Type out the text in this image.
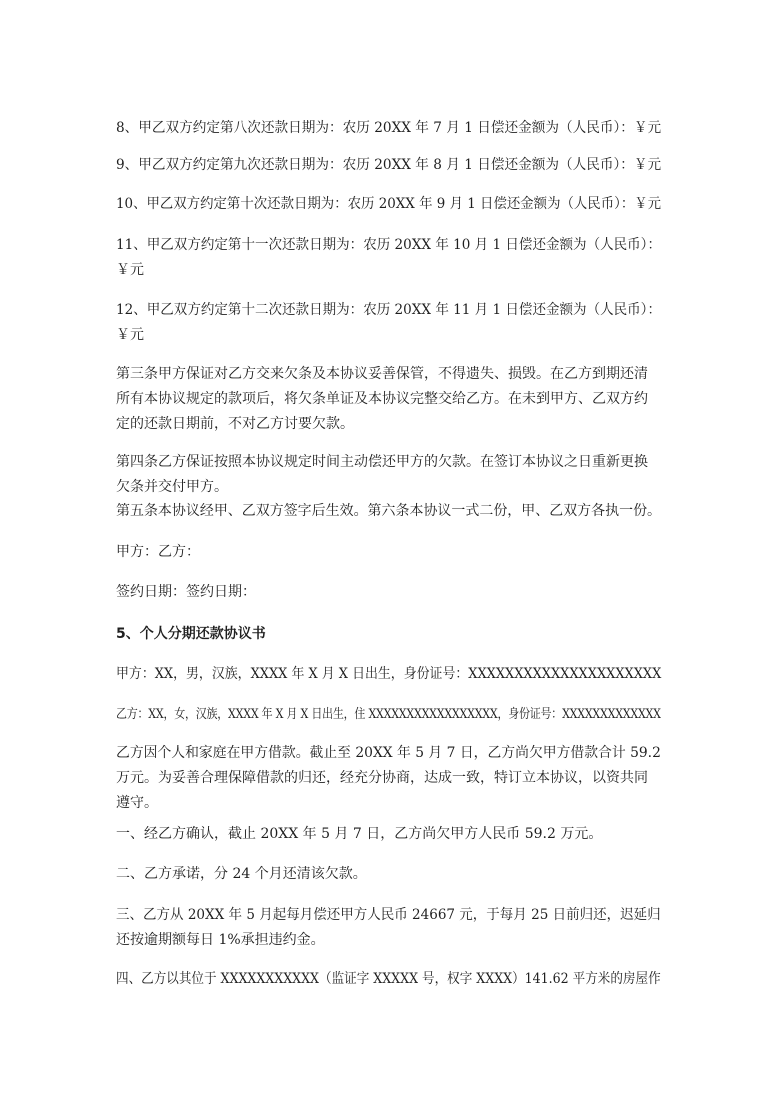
8、甲乙双方约定第八次还款日期为：农历 20XX 年 7 月 1 日偿还金额为（人民币）：￥元

9、甲乙双方约定第九次还款日期为：农历 20XX 年 8 月 1 日偿还金额为（人民币）：￥元

10、甲乙双方约定第十次还款日期为：农历 20XX 年 9 月 1 日偿还金额为（人民币）：￥元

11、甲乙双方约定第十一次还款日期为：农历 20XX 年 10 月 1 日偿还金额为（人民币）：

￥元

12、甲乙双方约定第十二次还款日期为：农历 20XX 年 11 月 1 日偿还金额为（人民币）：

￥元

第三条甲方保证对乙方交来欠条及本协议妥善保管，不得遗失、损毁。在乙方到期还清

所有本协议规定的款项后，将欠条单证及本协议完整交给乙方。在未到甲方、乙双方约

定的还款日期前，不对乙方讨要欠款。

第四条乙方保证按照本协议规定时间主动偿还甲方的欠款。在签订本协议之日重新更换

欠条并交付甲方。

第五条本协议经甲、乙双方签字后生效。第六条本协议一式二份，甲、乙双方各执一份。

甲方：乙方：

签约日期：签约日期：

5、个人分期还款协议书

甲方：XX，男，汉族，XXXX 年 X 月 X 日出生，身份证号：XXXXXXXXXXXXXXXXXXXXX

乙方：XX，女，汉族，XXXX 年 X 月 X 日出生，住 XXXXXXXXXXXXXXXXX，身份证号：XXXXXXXXXXXXX

乙方因个人和家庭在甲方借款。截止至 20XX 年 5 月 7 日，乙方尚欠甲方借款合计 59.2

万元。为妥善合理保障借款的归还，经充分协商，达成一致，特订立本协议，以资共同

遵守。

一、经乙方确认，截止 20XX 年 5 月 7 日，乙方尚欠甲方人民币 59.2 万元。

二、乙方承诺，分 24 个月还清该欠款。

三、乙方从 20XX 年 5 月起每月偿还甲方人民币 24667 元，于每月 25 日前归还，迟延归

还按逾期额每日 1%承担违约金。

四、乙方以其位于 XXXXXXXXXXX（监证字 XXXXX 号，权字 XXXX）141.62 平方米的房屋作
